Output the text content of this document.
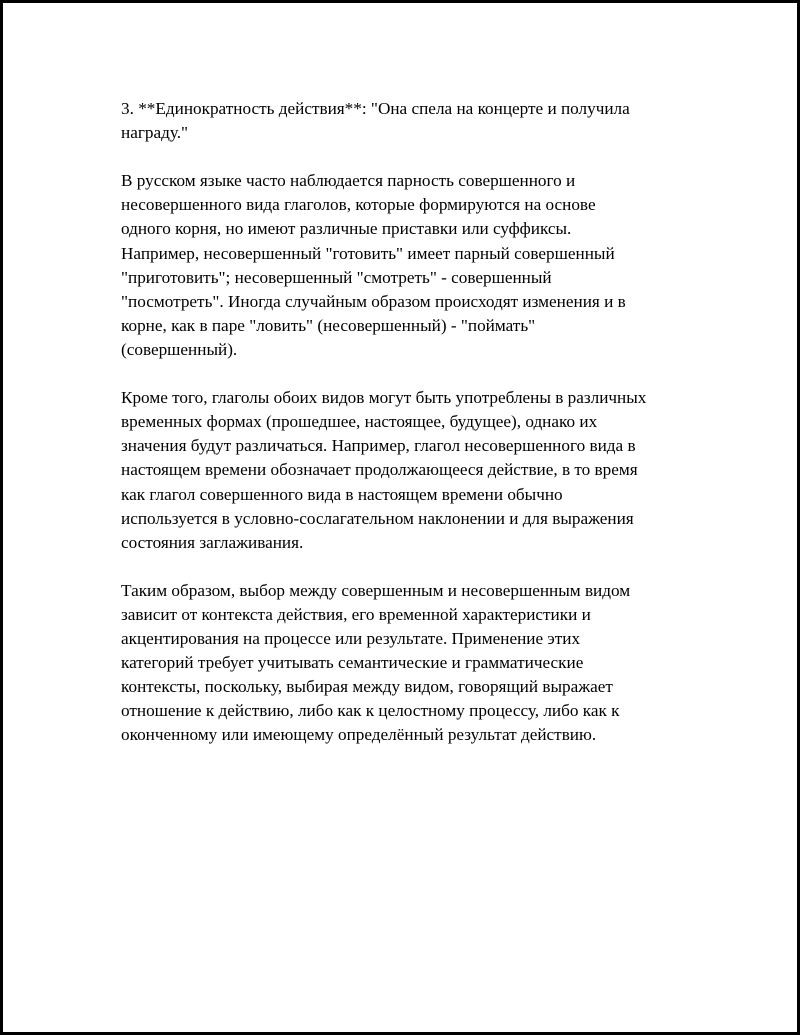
3. **Единократность действия**: "Она спела на концерте и получила
награду."

В русском языке часто наблюдается парность совершенного и
несовершенного вида глаголов, которые формируются на основе
одного корня, но имеют различные приставки или суффиксы.
Например, несовершенный "готовить" имеет парный совершенный
"приготовить"; несовершенный "смотреть" - совершенный
"посмотреть". Иногда случайным образом происходят изменения и в
корне, как в паре "ловить" (несовершенный) - "поймать"
(совершенный).

Кроме того, глаголы обоих видов могут быть употреблены в различных
временных формах (прошедшее, настоящее, будущее), однако их
значения будут различаться. Например, глагол несовершенного вида в
настоящем времени обозначает продолжающееся действие, в то время
как глагол совершенного вида в настоящем времени обычно
используется в условно-сослагательном наклонении и для выражения
состояния заглаживания.

Таким образом, выбор между совершенным и несовершенным видом
зависит от контекста действия, его временной характеристики и
акцентирования на процессе или результате. Применение этих
категорий требует учитывать семантические и грамматические
контексты, поскольку, выбирая между видом, говорящий выражает
отношение к действию, либо как к целостному процессу, либо как к
оконченному или имеющему определённый результат действию.
